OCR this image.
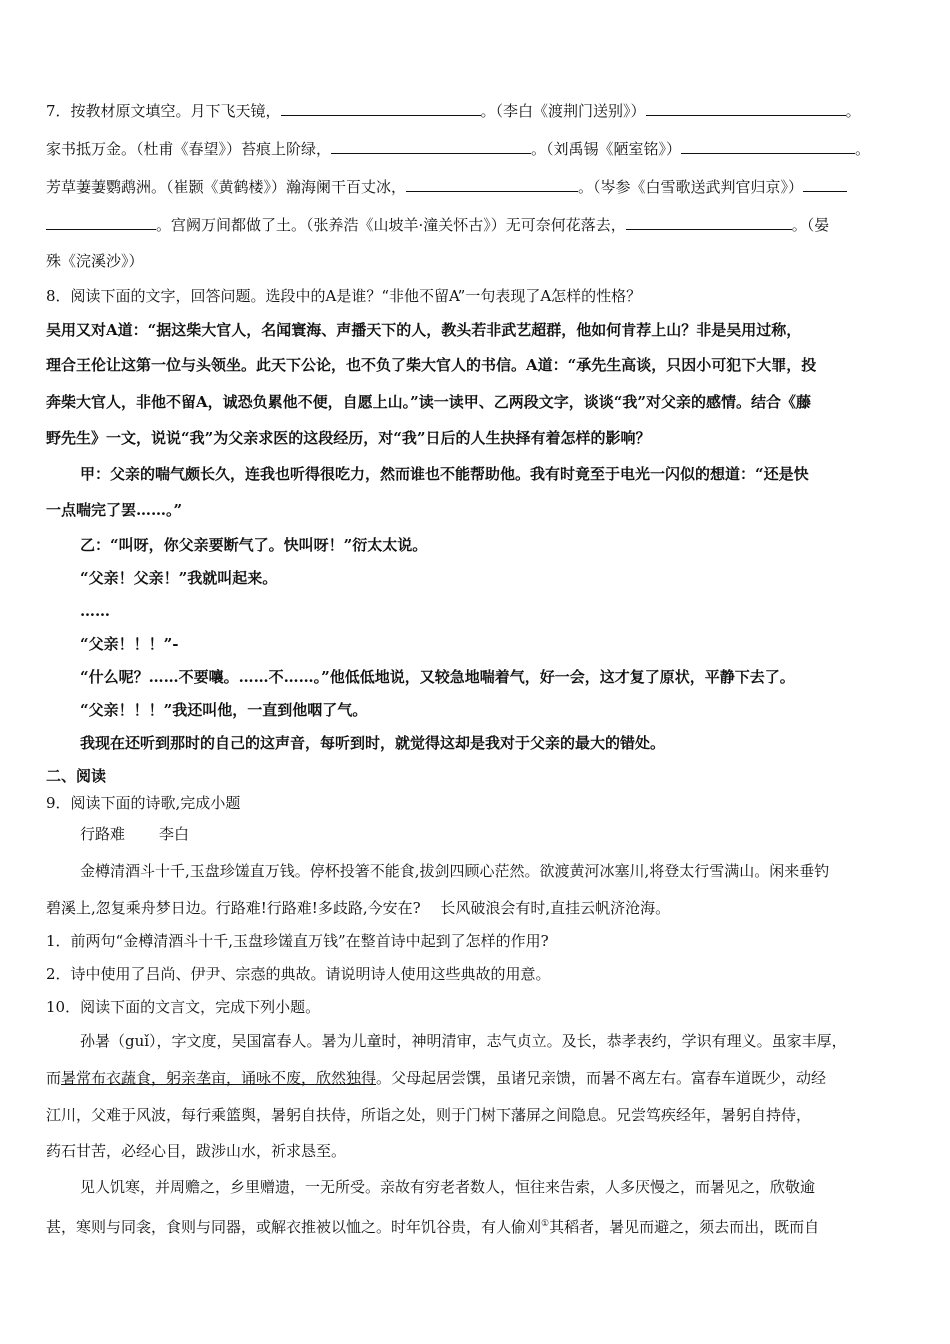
7．按教材原文填空。月下飞天镜，	。（李白《渡荆门送别》）	。
家书抵万金。（杜甫《春望》）苔痕上阶绿，	。（刘禹锡《陋室铭》）	。
芳草萋萋鹦鹉洲。（崔颢《黄鹤楼》）瀚海阑干百丈冰，	。（岑参《白雪歌送武判官归京》）
。宫阙万间都做了土。（张养浩《山坡羊·潼关怀古》）无可奈何花落去，	。（晏
殊《浣溪沙》）
8．阅读下面的文字，回答问题。选段中的A是谁？“非他不留A”一句表现了A怎样的性格？
吴用又对A道：“据这柴大官人，名闻寰海、声播天下的人，教头若非武艺超群，他如何肯荐上山？非是吴用过称，
理合王伦让这第一位与头领坐。此天下公论，也不负了柴大官人的书信。A道：“承先生高谈，只因小可犯下大罪，投
奔柴大官人，非他不留A，诚恐负累他不便，自愿上山。”读一读甲、乙两段文字，谈谈“我”对父亲的感情。结合《藤
野先生》一文，说说“我”为父亲求医的这段经历，对“我”日后的人生抉择有着怎样的影响？
甲：父亲的喘气颇长久，连我也听得很吃力，然而谁也不能帮助他。我有时竟至于电光一闪似的想道：“还是快
一点喘完了罢……。”
乙：“叫呀，你父亲要断气了。快叫呀！”衍太太说。
“父亲！父亲！”我就叫起来。
……
“父亲！！！”-
“什么呢？……不要嚷。……不……。”他低低地说，又较急地喘着气，好一会，这才复了原状，平静下去了。
“父亲！！！”我还叫他，一直到他咽了气。
我现在还听到那时的自己的这声音，每听到时，就觉得这却是我对于父亲的最大的错处。
二、阅读
9．阅读下面的诗歌,完成小题
行路难 李白
金樽清酒斗十千,玉盘珍馐直万钱。停杯投箸不能食,拔剑四顾心茫然。欲渡黄河冰塞川,将登太行雪满山。闲来垂钓
碧溪上,忽复乘舟梦日边。行路难!行路难!多歧路,今安在?　 长风破浪会有时,直挂云帆济沧海。
1．前两句“金樽清酒斗十千,玉盘珍馐直万钱”在整首诗中起到了怎样的作用?
2．诗中使用了吕尚、伊尹、宗悫的典故。请说明诗人使用这些典故的用意。
10．阅读下面的文言文，完成下列小题。
孙暑（guǐ），字文度，吴国富春人。暑为儿童时，神明清审，志气贞立。及长，恭孝表约，学识有理义。虽家丰厚，
而暑常布衣蔬食，躬亲垄亩，诵咏不废，欣然独得。父母起居尝馔，虽诸兄亲馈，而暑不离左右。富春车道既少，动经
江川，父难于风波，每行乘篮舆，暑躬自扶侍，所诣之处，则于门树下藩屏之间隐息。兄尝笃疾经年，暑躬自持侍，
药石甘苦，必经心目，跋涉山水，祈求恳至。
见人饥寒，并周赡之，乡里赠遗，一无所受。亲故有穷老者数人，恒往来告索，人多厌慢之，而暑见之，欣敬逾
甚，寒则与同衾，食则与同器，或解衣推被以恤之。时年饥谷贵，有人偷刈①其稻者，暑见而避之，须去而出，既而自
